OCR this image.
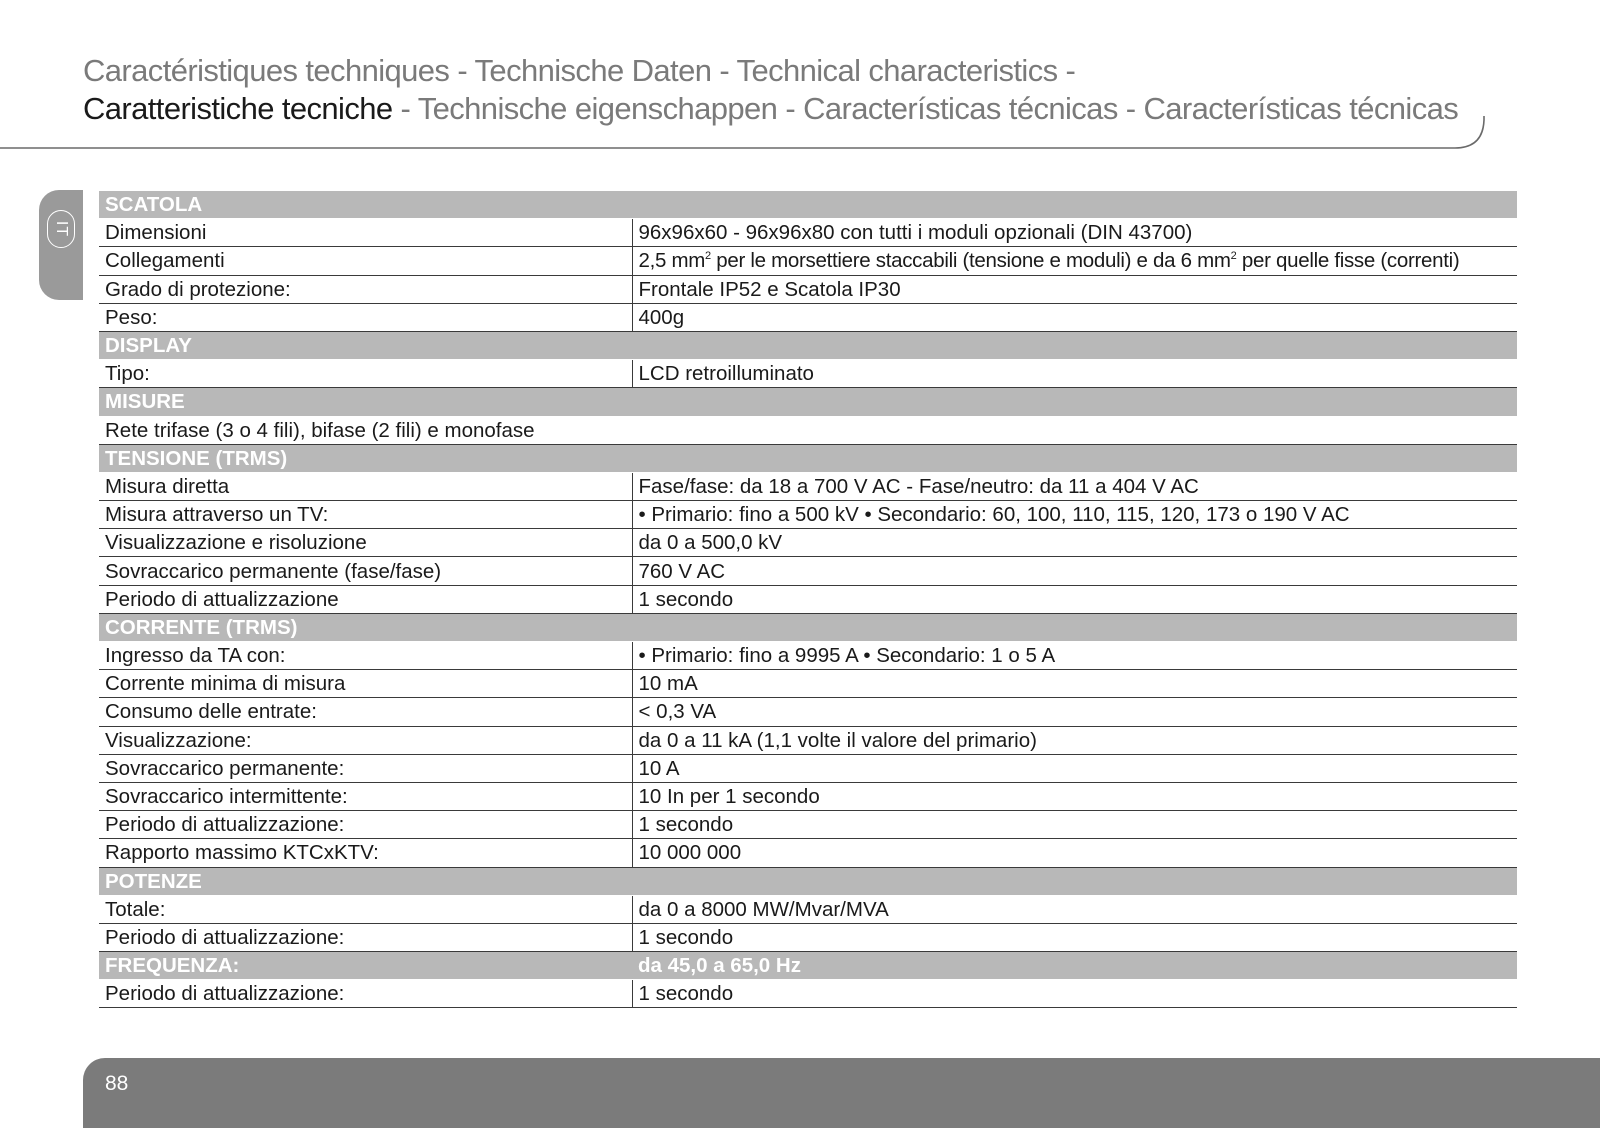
Caractéristiques techniques - Technische Daten - Technical characteristics -
Caratteristiche tecniche - Technische eigenschappen - Características técnicas - Características técnicas
IT
SCATOLA	
Dimensioni	96x96x60 - 96x96x80 con tutti i moduli opzionali (DIN 43700)
Collegamenti	2,5 $mm^2$ per le morsettiere staccabili (tensione e moduli) e da 6 $mm^2$ per quelle fisse (correnti)
Grado di protezione:	Frontale IP52 e Scatola IP30
Peso:	400g
DISPLAY	
Tipo:	LCD retroilluminato
MISURE	
Rete trifase (3 o 4 fili), bifase (2 fili) e monofase	
TENSIONE (TRMS)	
Misura diretta	Fase/fase: da 18 a 700 V AC - Fase/neutro: da 11 a 404 V AC
Misura attraverso un TV:	• Primario: fino a 500 kV • Secondario: 60, 100, 110, 115, 120, 173 o 190 V AC
Visualizzazione e risoluzione	da 0 a 500,0 kV
Sovraccarico permanente (fase/fase)	760 V AC
Periodo di attualizzazione	1 secondo
CORRENTE (TRMS)	
Ingresso da TA con:	• Primario: fino a 9995 A • Secondario: 1 o 5 A
Corrente minima di misura	10 mA
Consumo delle entrate:	< 0,3 VA
Visualizzazione:	da 0 a 11 kA (1,1 volte il valore del primario)
Sovraccarico permanente:	10 A
Sovraccarico intermittente:	10 In per 1 secondo
Periodo di attualizzazione:	1 secondo
Rapporto massimo KTCxKTV:	10 000 000
POTENZE	
Totale:	da 0 a 8000 MW/Mvar/MVA
Periodo di attualizzazione:	1 secondo
FREQUENZA:	da 45,0 a 65,0 Hz
Periodo di attualizzazione:	1 secondo
88
